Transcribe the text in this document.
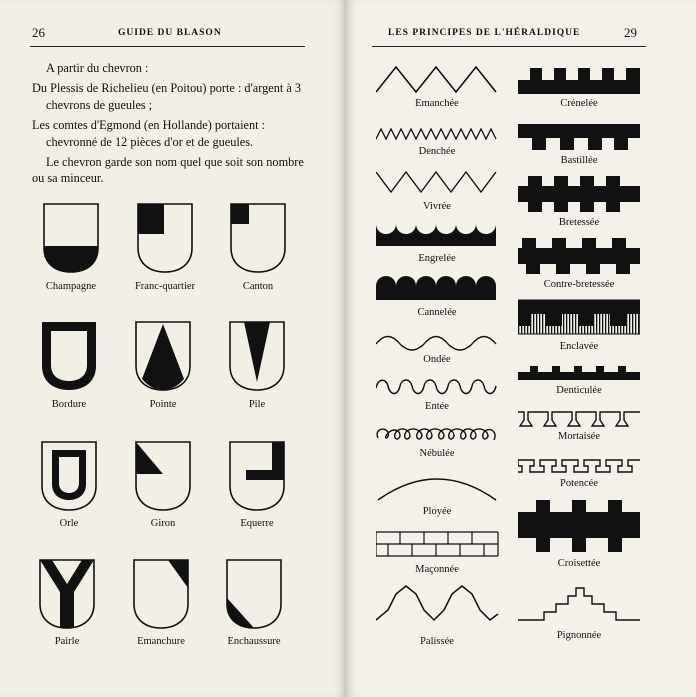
26	GUIDE DU BLASON

A partir du chevron :

Du Plessis de Richelieu (en Poitou) porte : d'argent à 3 chevrons de gueules ;

Les comtes d'Egmond (en Hollande) portaient : chevronné de 12 pièces d'or et de gueules.

Le chevron garde son nom quel que soit son nombre ou sa minceur.

Champagne	Franc-quartier	Canton
Bordure	Pointe	Pile
Orle	Giron	Equerre
Pairle	Emanchure	Enchaussure
LES PRINCIPES DE L'HÉRALDIQUE	29
Emanchée
Denchée
Vivrée
Engrelée
Cannelée
Ondée
Entée
Nébulée
Ployée
Maçonnée
Palissée
Crénelée
Bastillée
Bretessée
Contre-bretessée
Enclavée
Denticulée
Mortaisée
Potencée
Croisettée
Pignonnée
